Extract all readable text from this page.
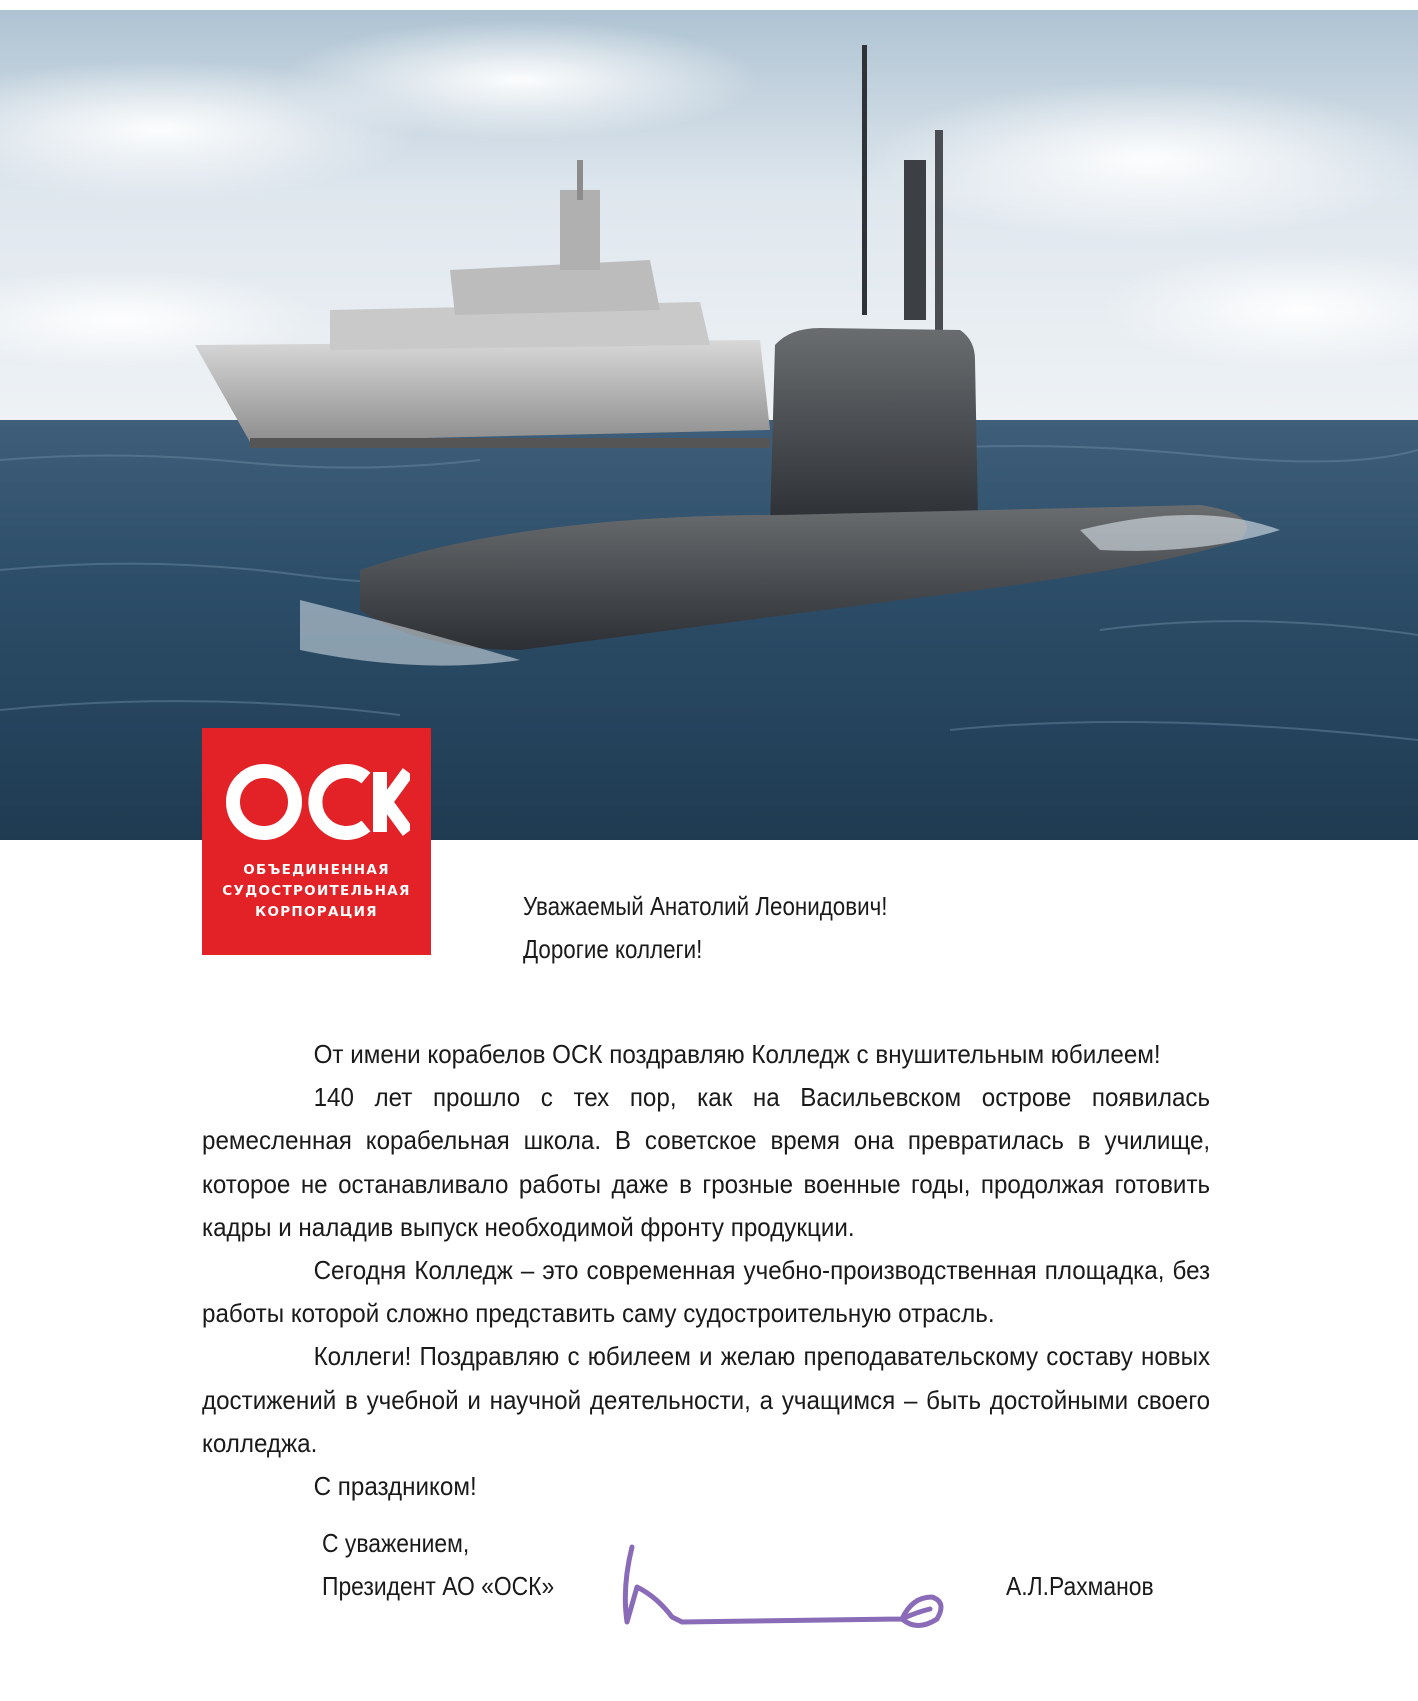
ОБЪЕДИНЕННАЯ
СУДОСТРОИТЕЛЬНАЯ
КОРПОРАЦИЯ	Уважаемый Анатолий Леонидович!
Дорогие коллеги!

От имени корабелов ОСК поздравляю Колледж с внушительным юбилеем!

140 лет прошло с тех пор, как на Васильевском острове появилась ремесленная корабельная школа. В советское время она превратилась в училище, которое не останавливало работы даже в грозные военные годы, продолжая готовить кадры и наладив выпуск необходимой фронту продукции.

Сегодня Колледж – это современная учебно-производственная площадка, без работы которой сложно представить саму судостроительную отрасль.

Коллеги! Поздравляю с юбилеем и желаю преподавательскому составу новых достижений в учебной и научной деятельности, а учащимся – быть достойными своего колледжа.

С праздником!

С уважением,
Президент АО «ОСК»	А.Л.Рахманов
